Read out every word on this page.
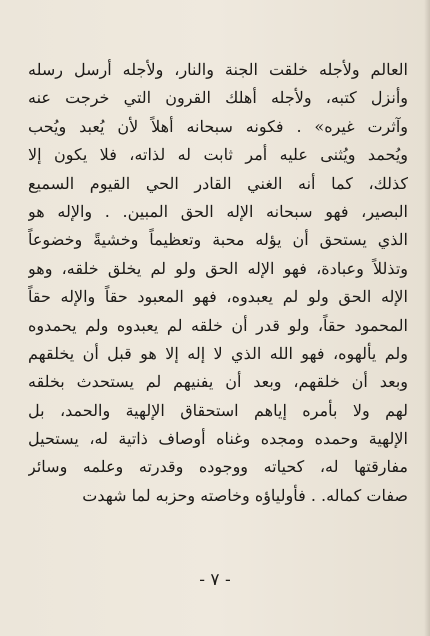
العالم ولأجله خلقت الجنة والنار، ولأجله أرسل رسله
وأنزل كتبه، ولأجله أهلك القرون التي خرجت عنه
وآثرت غيره» . فكونه سبحانه أهلاً لأن يُعبد ويُحب
ويُحمد ويُثنى عليه أمر ثابت له لذاته، فلا يكون إلا
كذلك، كما أنه الغني القادر الحي القيوم السميع
البصير، فهو سبحانه الإله الحق المبين. . والإله هو
الذي يستحق أن يؤله محبة وتعظيماً وخشيةً وخضوعاً
وتذللاً وعبادة، فهو الإله الحق ولو لم يخلق خلقه، وهو
الإله الحق ولو لم يعبدوه، فهو المعبود حقاً والإله حقاً
المحمود حقاً، ولو قدر أن خلقه لم يعبدوه ولم يحمدوه
ولم يألهوه، فهو الله الذي لا إله إلا هو قبل أن يخلقهم
وبعد أن خلقهم، وبعد أن يفنيهم لم يستحدث بخلقه
لهم ولا بأمره إياهم استحقاق الإلهية والحمد، بل
الإلهية وحمده ومجده وغناه أوصاف ذاتية له، يستحيل
مفارقتها له، كحياته ووجوده وقدرته وعلمه وسائر
صفات كماله. . فأولياؤه وخاصته وحزبه لما شهدت
- ٧ -
